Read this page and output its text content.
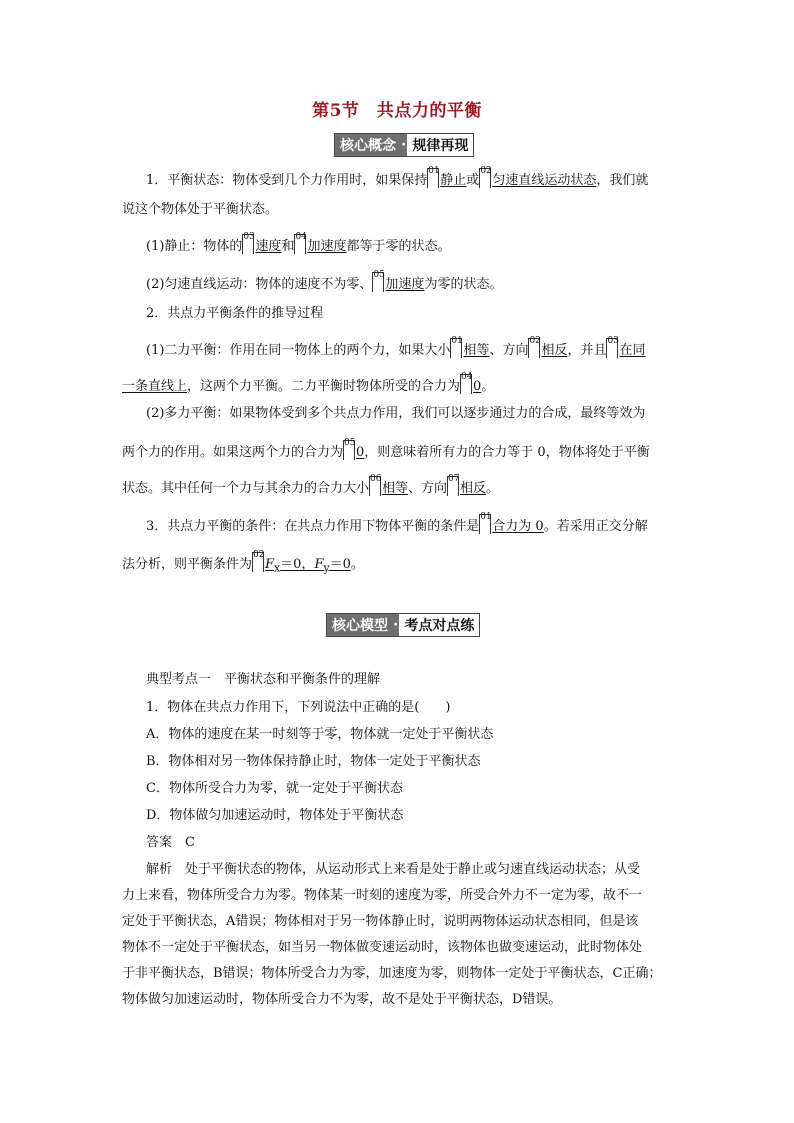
第5节　共点力的平衡
核心概念 · 规律再现
1．平衡状态：物体受到几个力作用时，如果保持
01
静止或
02
匀速直线运动状态，我们就
说这个物体处于平衡状态。
(1)静止：物体的
03
速度和
04
加速度都等于零的状态。
(2)匀速直线运动：物体的速度不为零、
05
加速度为零的状态。
2．共点力平衡条件的推导过程
(1)二力平衡：作用在同一物体上的两个力，如果大小
01
相等、方向
02
相反，并且
03
在同
一条直线上，这两个力平衡。二力平衡时物体所受的合力为
04
0。
(2)多力平衡：如果物体受到多个共点力作用，我们可以逐步通过力的合成，最终等效为
两个力的作用。如果这两个力的合力为
05
0，则意味着所有力的合力等于 0，物体将处于平衡
状态。其中任何一个力与其余力的合力大小
06
相等、方向
07
相反。
3．共点力平衡的条件：在共点力作用下物体平衡的条件是
01
合力为 0。若采用正交分解
法分析，则平衡条件为
02
$F_x=0$，$F_y=0$。
核心模型 · 考点对点练
典型考点一　平衡状态和平衡条件的理解
1．物体在共点力作用下，下列说法中正确的是(　　)
A．物体的速度在某一时刻等于零，物体就一定处于平衡状态
B．物体相对另一物体保持静止时，物体一定处于平衡状态
C．物体所受合力为零，就一定处于平衡状态
D．物体做匀加速运动时，物体处于平衡状态
答案　 C
解析　 处于平衡状态的物体，从运动形式上来看是处于静止或匀速直线运动状态；从受
力上来看，物体所受合力为零。物体某一时刻的速度为零，所受合外力不一定为零，故不一
定处于平衡状态，A错误；物体相对于另一物体静止时，说明两物体运动状态相同，但是该
物体不一定处于平衡状态，如当另一物体做变速运动时，该物体也做变速运动，此时物体处
于非平衡状态，B错误；物体所受合力为零，加速度为零，则物体一定处于平衡状态，C正确；
物体做匀加速运动时，物体所受合力不为零，故不是处于平衡状态，D错误。
